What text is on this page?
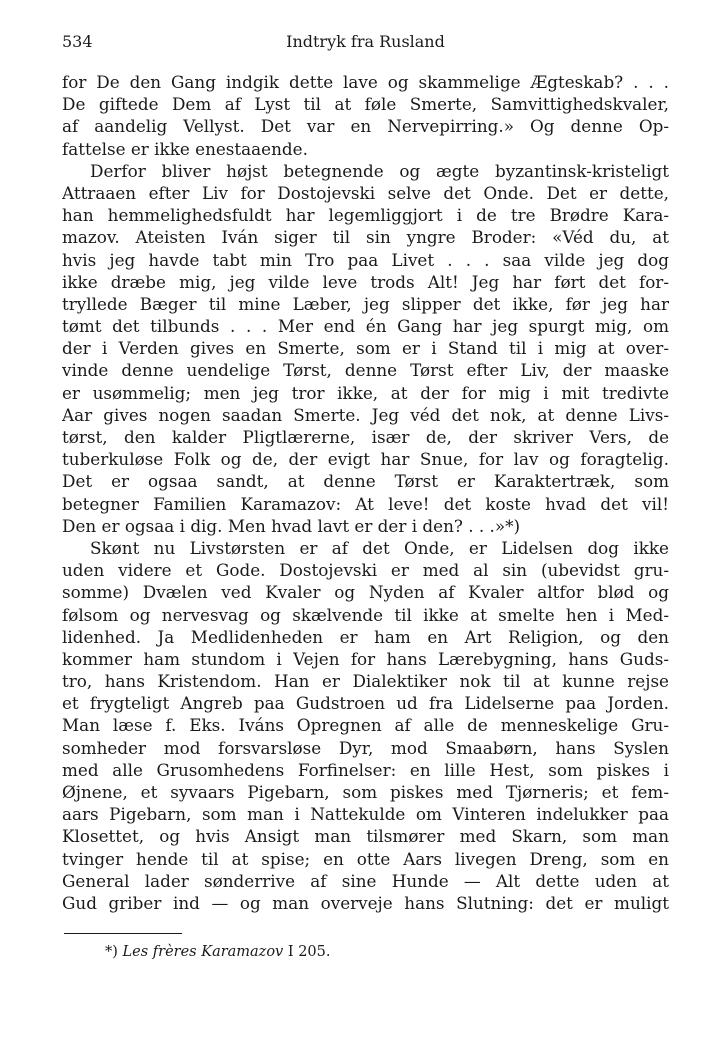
534	Indtryk fra Rusland
for De den Gang indgik dette lave og skammelige Ægteskab? . . .
De giftede Dem af Lyst til at føle Smerte, Samvittighedskvaler,
af aandelig Vellyst. Det var en Nervepirring.» Og denne Op-
fattelse er ikke enestaaende.
Derfor bliver højst betegnende og ægte byzantinsk-kristeligt
Attraaen efter Liv for Dostojevski selve det Onde. Det er dette,
han hemmelighedsfuldt har legemliggjort i de tre Brødre Kara-
mazov. Ateisten Iván siger til sin yngre Broder: «Véd du, at
hvis jeg havde tabt min Tro paa Livet . . . saa vilde jeg dog
ikke dræbe mig, jeg vilde leve trods Alt! Jeg har ført det for-
tryllede Bæger til mine Læber, jeg slipper det ikke, før jeg har
tømt det tilbunds . . . Mer end én Gang har jeg spurgt mig, om
der i Verden gives en Smerte, som er i Stand til i mig at over-
vinde denne uendelige Tørst, denne Tørst efter Liv, der maaske
er usømmelig; men jeg tror ikke, at der for mig i mit tredivte
Aar gives nogen saadan Smerte. Jeg véd det nok, at denne Livs-
tørst, den kalder Pligtlærerne, især de, der skriver Vers, de
tuberkuløse Folk og de, der evigt har Snue, for lav og foragtelig.
Det er ogsaa sandt, at denne Tørst er Karaktertræk, som
betegner Familien Karamazov: At leve! det koste hvad det vil!
Den er ogsaa i dig. Men hvad lavt er der i den? . . .»*)
Skønt nu Livstørsten er af det Onde, er Lidelsen dog ikke
uden videre et Gode. Dostojevski er med al sin (ubevidst gru-
somme) Dvælen ved Kvaler og Nyden af Kvaler altfor blød og
følsom og nervesvag og skælvende til ikke at smelte hen i Med-
lidenhed. Ja Medlidenheden er ham en Art Religion, og den
kommer ham stundom i Vejen for hans Lærebygning, hans Guds-
tro, hans Kristendom. Han er Dialektiker nok til at kunne rejse
et frygteligt Angreb paa Gudstroen ud fra Lidelserne paa Jorden.
Man læse f. Eks. Iváns Opregnen af alle de menneskelige Gru-
somheder mod forsvarsløse Dyr, mod Smaabørn, hans Syslen
med alle Grusomhedens Forfinelser: en lille Hest, som piskes i
Øjnene, et syvaars Pigebarn, som piskes med Tjørneris; et fem-
aars Pigebarn, som man i Nattekulde om Vinteren indelukker paa
Klosettet, og hvis Ansigt man tilsmører med Skarn, som man
tvinger hende til at spise; en otte Aars livegen Dreng, som en
General lader sønderrive af sine Hunde — Alt dette uden at
Gud griber ind — og man overveje hans Slutning: det er muligt
*) Les frères Karamazov I 205.
